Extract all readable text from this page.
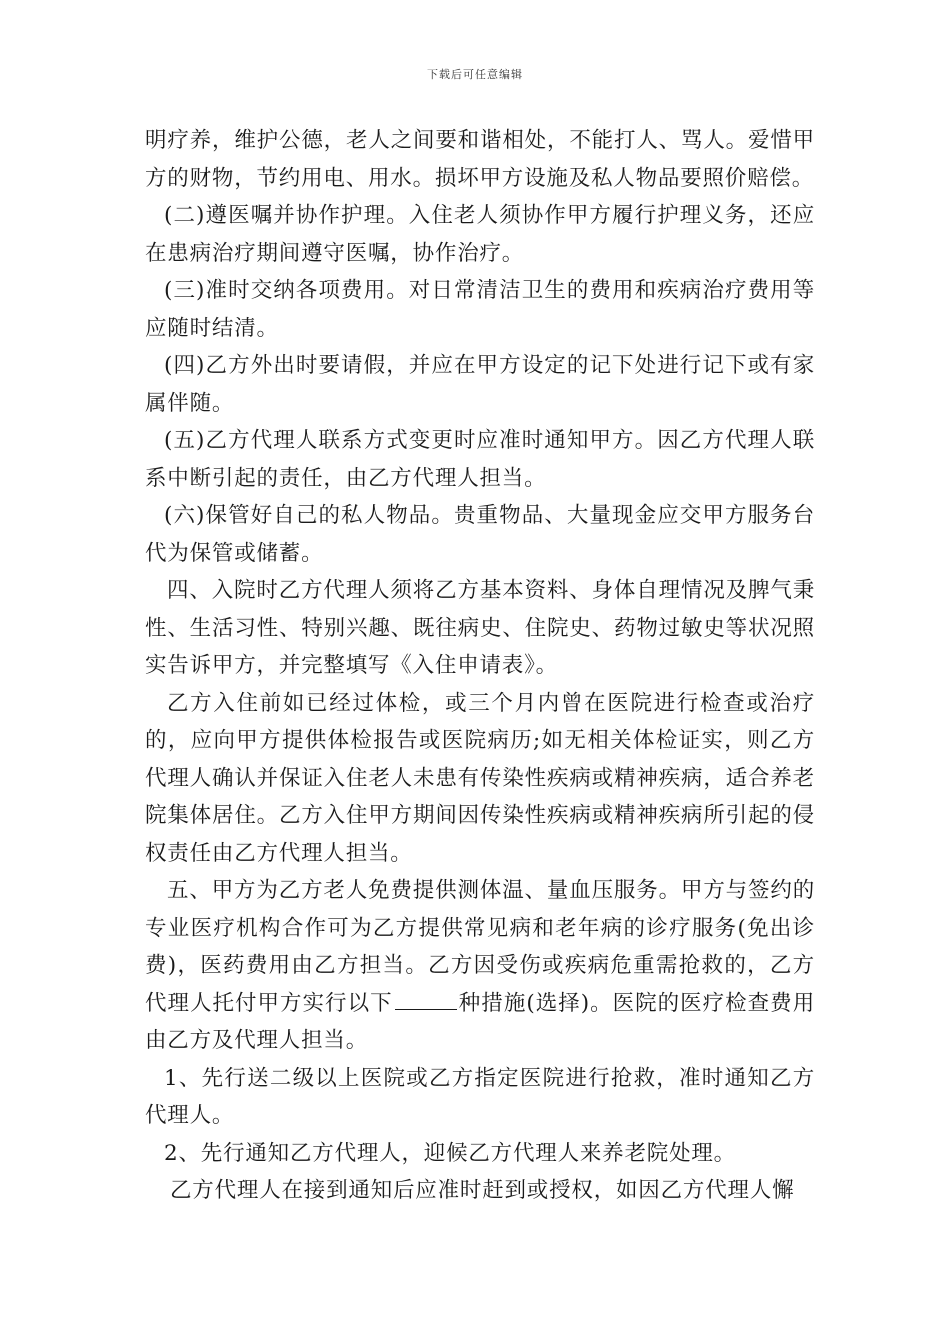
下载后可任意编辑

明疗养，维护公德，老人之间要和谐相处，不能打人、骂人。爱惜甲方的财物，节约用电、用水。损坏甲方设施及私人物品要照价赔偿。

(二)遵医嘱并协作护理。入住老人须协作甲方履行护理义务，还应在患病治疗期间遵守医嘱，协作治疗。

(三)准时交纳各项费用。对日常清洁卫生的费用和疾病治疗费用等应随时结清。

(四)乙方外出时要请假，并应在甲方设定的记下处进行记下或有家属伴随。

(五)乙方代理人联系方式变更时应准时通知甲方。因乙方代理人联系中断引起的责任，由乙方代理人担当。

(六)保管好自己的私人物品。贵重物品、大量现金应交甲方服务台代为保管或储蓄。

四、入院时乙方代理人须将乙方基本资料、身体自理情况及脾气秉性、生活习性、特别兴趣、既往病史、住院史、药物过敏史等状况照实告诉甲方，并完整填写《入住申请表》。

乙方入住前如已经过体检，或三个月内曾在医院进行检查或治疗的，应向甲方提供体检报告或医院病历;如无相关体检证实，则乙方代理人确认并保证入住老人未患有传染性疾病或精神疾病，适合养老院集体居住。乙方入住甲方期间因传染性疾病或精神疾病所引起的侵权责任由乙方代理人担当。

五、甲方为乙方老人免费提供测体温、量血压服务。甲方与签约的专业医疗机构合作可为乙方提供常见病和老年病的诊疗服务(免出诊费)，医药费用由乙方担当。乙方因受伤或疾病危重需抢救的，乙方代理人托付甲方实行以下	种措施(选择)。医院的医疗检查费用由乙方及代理人担当。

1、先行送二级以上医院或乙方指定医院进行抢救，准时通知乙方代理人。

2、先行通知乙方代理人，迎候乙方代理人来养老院处理。

乙方代理人在接到通知后应准时赶到或授权，如因乙方代理人懈
